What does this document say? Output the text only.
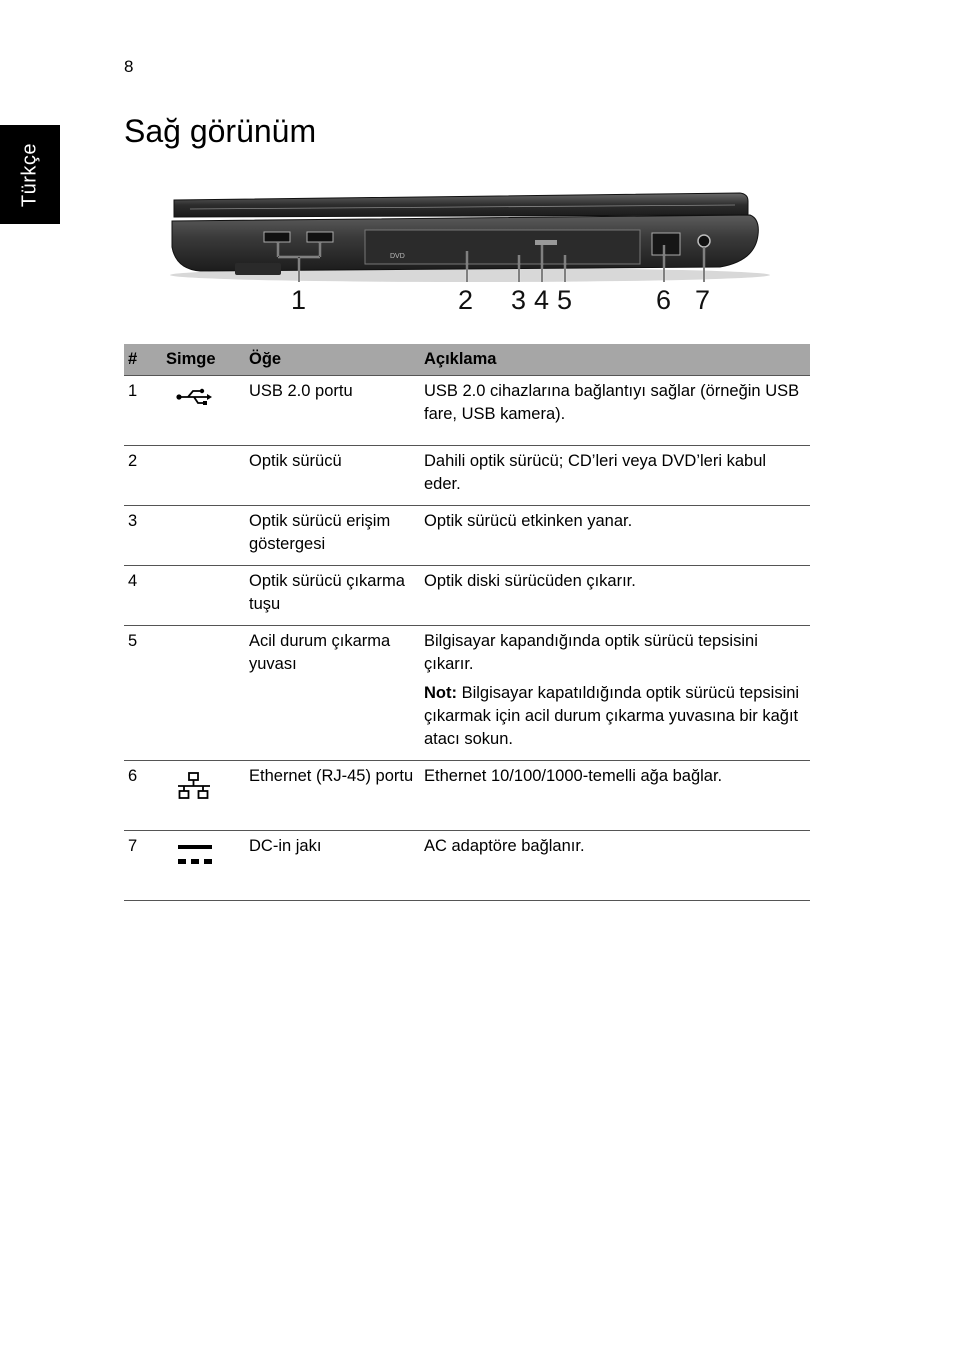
8
Türkçe
Sağ görünüm
DVD
1	2 3 4 5	6 7
#	Simge	Öğe	Açıklama
1		USB 2.0 portu	USB 2.0 cihazlarına bağlantıyı sağlar (örneğin USB fare, USB kamera).
2		Optik sürücü	Dahili optik sürücü; CD’leri veya DVD’leri kabul eder.
3		Optik sürücü erişim göstergesi	Optik sürücü etkinken yanar.
4		Optik sürücü çıkarma tuşu	Optik diski sürücüden çıkarır.
5		Acil durum çıkarma yuvası	Bilgisayar kapandığında optik sürücü tepsisini çıkarır.
Not: Bilgisayar kapatıldığında optik sürücü tepsisini çıkarmak için acil durum çıkarma yuvasına bir kağıt atacı sokun.

6		Ethernet (RJ-45) portu	Ethernet 10/100/1000-temelli ağa bağlar.
7		DC-in jakı	AC adaptöre bağlanır.
